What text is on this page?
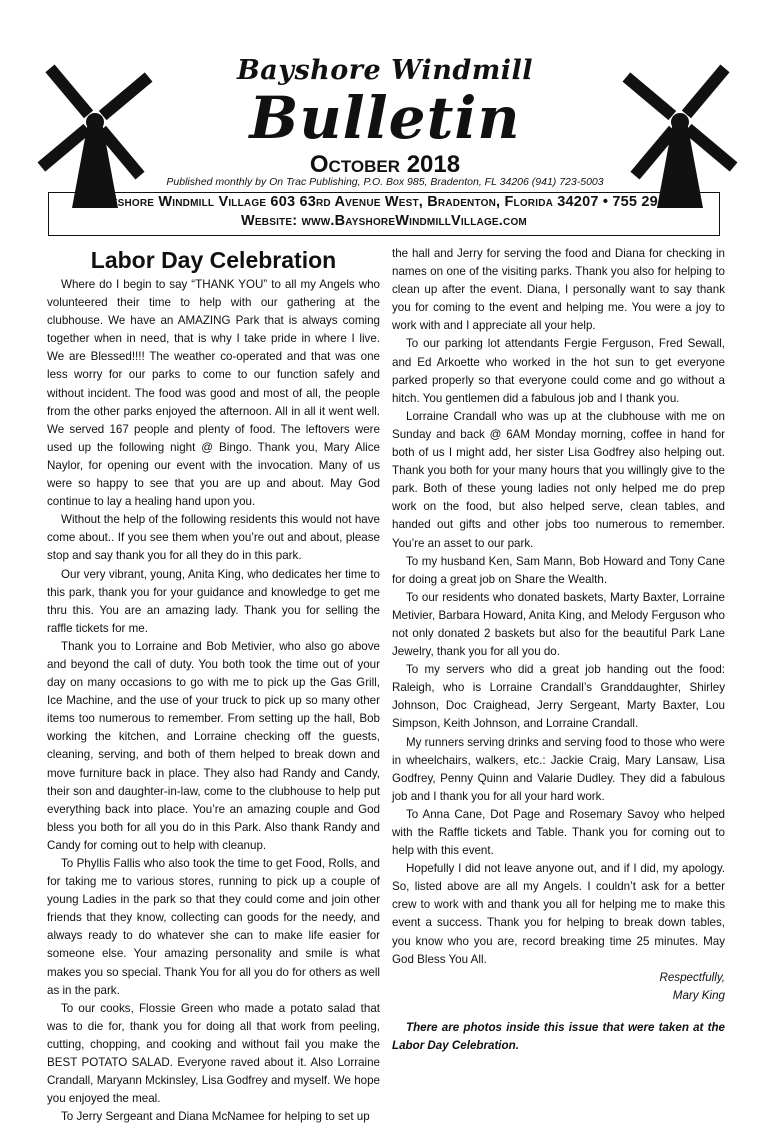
Bayshore Windmill
Bulletin
October 2018
Published monthly by On Trac Publishing, P.O. Box 985, Bradenton, FL 34206 (941) 723-5003
Bayshore Windmill Village 603 63rd Avenue West, Bradenton, Florida 34207 • 755 2942
Website: www.BayshoreWindmillVillage.com
Labor Day Celebration

Where do I begin to say “THANK YOU” to all my Angels who volunteered their time to help with our gathering at the clubhouse. We have an AMAZING Park that is always coming together when in need, that is why I take pride in where I live. We are Blessed!!!! The weather co-operated and that was one less worry for our parks to come to our function safely and without incident. The food was good and most of all, the people from the other parks enjoyed the afternoon. All in all it went well. We served 167 people and plenty of food. The leftovers were used up the following night @ Bingo. Thank you, Mary Alice Naylor, for opening our event with the invocation. Many of us were so happy to see that you are up and about. May God continue to lay a healing hand upon you.

Without the help of the following residents this would not have come about.. If you see them when you’re out and about, please stop and say thank you for all they do in this park.

Our very vibrant, young, Anita King, who dedicates her time to this park, thank you for your guidance and knowledge to get me thru this. You are an amazing lady. Thank you for selling the raffle tickets for me.

Thank you to Lorraine and Bob Metivier, who also go above and beyond the call of duty. You both took the time out of your day on many occasions to go with me to pick up the Gas Grill, Ice Machine, and the use of your truck to pick up so many other items too numerous to remember. From setting up the hall, Bob working the kitchen, and Lorraine checking off the guests, cleaning, serving, and both of them helped to break down and move furniture back in place. They also had Randy and Candy, their son and daughter-in-law, come to the clubhouse to help put everything back into place. You’re an amazing couple and God bless you both for all you do in this Park. Also thank Randy and Candy for coming out to help with cleanup.

To Phyllis Fallis who also took the time to get Food, Rolls, and for taking me to various stores, running to pick up a couple of young Ladies in the park so that they could come and join other friends that they know, collecting can goods for the needy, and always ready to do whatever she can to make life easier for someone else. Your amazing personality and smile is what makes you so special. Thank You for all you do for others as well as in the park.

To our cooks, Flossie Green who made a potato salad that was to die for, thank you for doing all that work from peeling, cutting, chopping, and cooking and without fail you make the BEST POTATO SALAD. Everyone raved about it. Also Lorraine Crandall, Maryann Mckinsley, Lisa Godfrey and myself. We hope you enjoyed the meal.

To Jerry Sergeant and Diana McNamee for helping to set up

the hall and Jerry for serving the food and Diana for checking in names on one of the visiting parks. Thank you also for helping to clean up after the event. Diana, I personally want to say thank you for coming to the event and helping me. You were a joy to work with and I appreciate all your help.

To our parking lot attendants Fergie Ferguson, Fred Sewall, and Ed Arkoette who worked in the hot sun to get everyone parked properly so that everyone could come and go without a hitch. You gentlemen did a fabulous job and I thank you.

Lorraine Crandall who was up at the clubhouse with me on Sunday and back @ 6AM Monday morning, coffee in hand for both of us I might add, her sister Lisa Godfrey also helping out. Thank you both for your many hours that you willingly give to the park. Both of these young ladies not only helped me do prep work on the food, but also helped serve, clean tables, and handed out gifts and other jobs too numerous to remember. You’re an asset to our park.

To my husband Ken, Sam Mann, Bob Howard and Tony Cane for doing a great job on Share the Wealth.

To our residents who donated baskets, Marty Baxter, Lorraine Metivier, Barbara Howard, Anita King, and Melody Ferguson who not only donated 2 baskets but also for the beautiful Park Lane Jewelry, thank you for all you do.

To my servers who did a great job handing out the food: Raleigh, who is Lorraine Crandall’s Granddaughter, Shirley Johnson, Doc Craighead, Jerry Sergeant, Marty Baxter, Lou Simpson, Keith Johnson, and Lorraine Crandall.

My runners serving drinks and serving food to those who were in wheelchairs, walkers, etc.: Jackie Craig, Mary Lansaw, Lisa Godfrey, Penny Quinn and Valarie Dudley. They did a fabulous job and I thank you for all your hard work.

To Anna Cane, Dot Page and Rosemary Savoy who helped with the Raffle tickets and Table. Thank you for coming out to help with this event.

Hopefully I did not leave anyone out, and if I did, my apology. So, listed above are all my Angels. I couldn’t ask for a better crew to work with and thank you all for helping me to make this event a success. Thank you for helping to break down tables, you know who you are, record breaking time 25 minutes. May God Bless You All.

Respectfully,

Mary King

There are photos inside this issue that were taken at the Labor Day Celebration.
